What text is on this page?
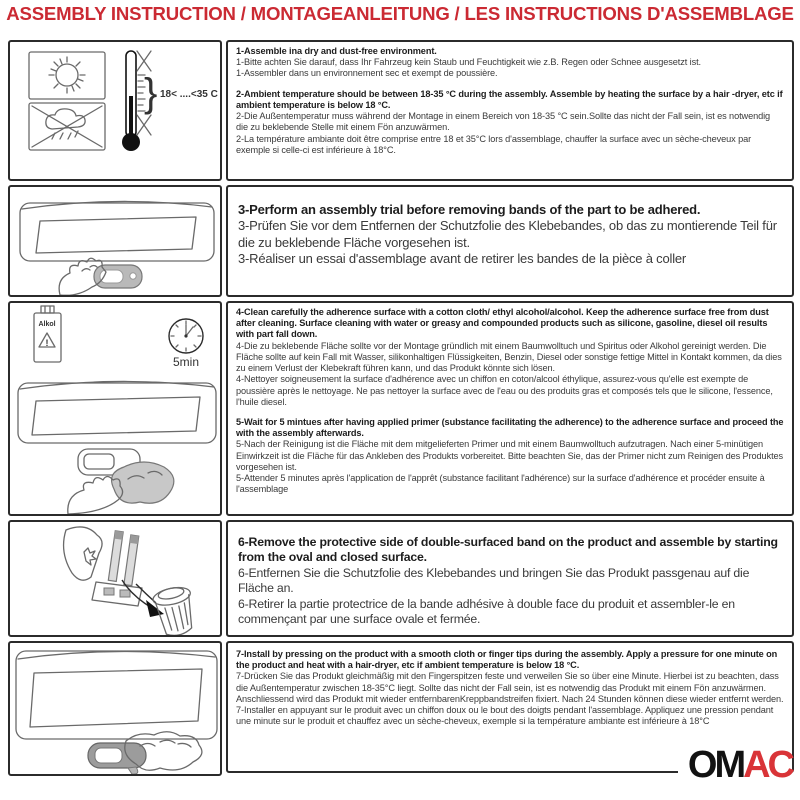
ASSEMBLY INSTRUCTION / MONTAGEANLEITUNG / LES INSTRUCTIONS D'ASSEMBLAGE
} 18< ....<35 C

1-Assemble ina dry and dust-free environment.

1-Bitte achten Sie darauf, dass Ihr Fahrzeug kein Staub und Feuchtigkeit wie z.B. Regen oder Schnee ausgesetzt ist.

1-Assembler dans un environnement sec et exempt de poussière.

2-Ambient temperature should be between 18-35 °C during the assembly. Assemble by heating the surface by a hair -dryer, etc if ambient temperature is below 18 °C.

2-Die Außentemperatur muss während der Montage in einem Bereich von 18-35 °C sein.Sollte das nicht der Fall sein, ist es notwendig die zu beklebende Stelle mit einem Fön anzuwärmen.

2-La température ambiante doit être comprise entre 18 et 35°C lors d'assemblage, chauffer la surface avec un sèche-cheveux par exemple si celle-ci est inférieure à 18°C.

3-Perform an assembly trial before removing bands of the part to be adhered.

3-Prüfen Sie vor dem Entfernen der Schutzfolie des Klebebandes, ob das zu montierende Teil für die zu beklebende Fläche vorgesehen ist.

3-Réaliser un essai d'assemblage avant de retirer les bandes de la pièce à coller

Alkol
!
5min

4-Clean carefully the adherence surface with a cotton cloth/ ethyl alcohol/alcohol. Keep the adherence surface free from dust after cleaning. Surface cleaning with water or greasy and compounded products such as silicone, gasoline, diesel oil results with part fall down.

4-Die zu beklebende Fläche sollte vor der Montage gründlich mit einem Baumwolltuch und Spiritus oder Alkohol gereinigt werden. Die Fläche sollte auf kein Fall mit Wasser, silikonhaltigen Flüssigkeiten, Benzin, Diesel oder sonstige fettige Mittel in Kontakt kommen, da dies zu einem Verlust der Klebekraft führen kann, und das Produkt könnte sich lösen.

4-Nettoyer soigneusement la surface d'adhérence avec un chiffon en coton/alcool éthylique, assurez-vous qu'elle est exempte de poussière après le nettoyage. Ne pas nettoyer la surface avec de l'eau ou des produits gras et composés tels que le silicone, l'essence, l'huile diesel.

5-Wait for 5 mintues after having applied primer (substance facilitating the adherence) to the adherence surface and proceed the with the assembly afterwards.

5-Nach der Reinigung ist die Fläche mit dem mitgelieferten Primer und mit einem Baumwolltuch aufzutragen. Nach einer 5-minütigen Einwirkzeit ist die Fläche für das Ankleben des Produkts vorbereitet. Bitte beachten Sie, das der Primer nicht zum Reinigen des Produktes vorgesehen ist.

5-Attender 5 minutes après l'application de l'apprêt (substance facilitant l'adhérence) sur la surface d'adhérence et procéder ensuite à l'assemblage

6-Remove the protective side of double-surfaced band on the product and assemble by starting from the oval and closed surface.

6-Entfernen Sie die Schutzfolie des Klebebandes und bringen Sie das Produkt passgenau auf die Fläche an.

6-Retirer la partie protectrice de la bande adhésive à double face du produit et assembler-le en commençant par une surface ovale et fermée.

7-Install by pressing on the product with a smooth cloth or finger tips during the assembly. Apply a pressure for one minute on the product and heat with a hair-dryer, etc if ambient temperature is below 18 °C.

7-Drücken Sie das Produkt gleichmäßig mit den Fingerspitzen feste und verweilen Sie so über eine Minute. Hierbei ist zu beachten, dass die Außentemperatur zwischen 18-35°C liegt. Sollte das nicht der Fall sein, ist es notwendig das Produkt mit einem Fön anzuwärmen. Anschliessend wird das Produkt mit wieder entfernbarenKreppbandstreifen fixiert. Nach 24 Stunden können diese wieder entfernt werden.

7-Installer en appuyant sur le produit avec un chiffon doux ou le bout des doigts pendant l'assemblage. Appliquez une pression pendant une minute sur le produit et chauffez avec un sèche-cheveux, exemple si la température ambiante est inférieure à 18°C

OMAC
